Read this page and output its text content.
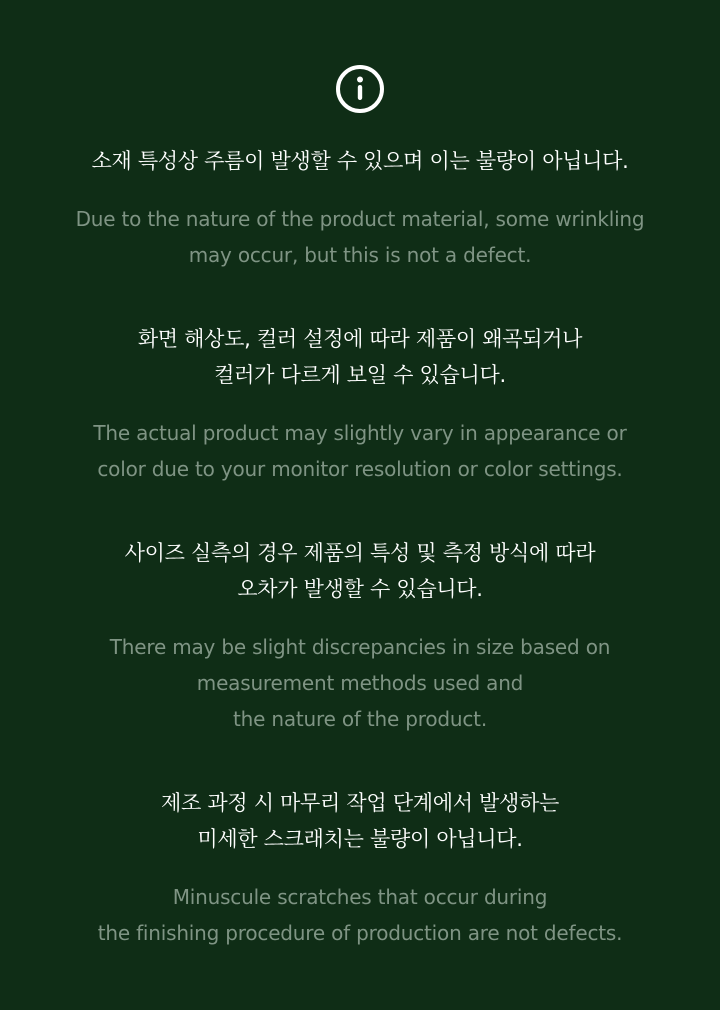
소재 특성상 주름이 발생할 수 있으며 이는 불량이 아닙니다.
Due to the nature of the product material, some wrinkling
may occur, but this is not a defect.
화면 해상도, 컬러 설정에 따라 제품이 왜곡되거나
컬러가 다르게 보일 수 있습니다.
The actual product may slightly vary in appearance or
color due to your monitor resolution or color settings.
사이즈 실측의 경우 제품의 특성 및 측정 방식에 따라
오차가 발생할 수 있습니다.
There may be slight discrepancies in size based on
measurement methods used and
the nature of the product.
제조 과정 시 마무리 작업 단계에서 발생하는
미세한 스크래치는 불량이 아닙니다.
Minuscule scratches that occur during
the finishing procedure of production are not defects.
